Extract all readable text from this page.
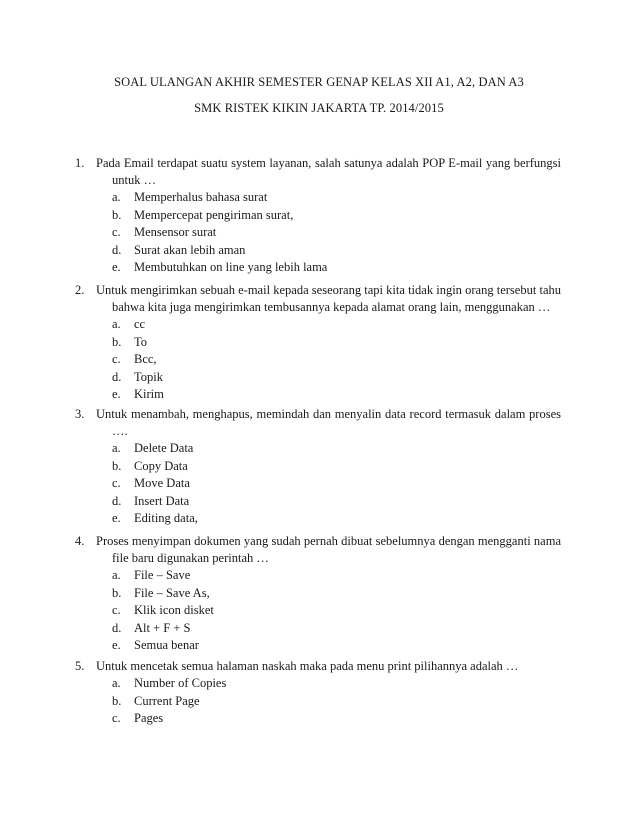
SOAL ULANGAN AKHIR SEMESTER GENAP KELAS XII A1, A2, DAN A3
SMK RISTEK KIKIN JAKARTA TP. 2014/2015
1. Pada Email terdapat suatu system layanan, salah satunya adalah POP E-mail yang berfungsi
untuk …
a. Memperhalus bahasa surat
b. Mempercepat pengiriman surat,
c. Mensensor surat
d. Surat akan lebih aman
e. Membutuhkan on line yang lebih lama
2. Untuk mengirimkan sebuah e-mail kepada seseorang tapi kita tidak ingin orang tersebut tahu
bahwa kita juga mengirimkan tembusannya kepada alamat orang lain, menggunakan …
a. cc
b. To
c. Bcc,
d. Topik
e. Kirim
3. Untuk menambah, menghapus, memindah dan menyalin data record termasuk dalam proses
….
a. Delete Data
b. Copy Data
c. Move Data
d. Insert Data
e. Editing data,
4. Proses menyimpan dokumen yang sudah pernah dibuat sebelumnya dengan mengganti nama
file baru digunakan perintah …
a. File – Save
b. File – Save As,
c. Klik icon disket
d. Alt + F + S
e. Semua benar
5. Untuk mencetak semua halaman naskah maka pada menu print pilihannya adalah …
a. Number of Copies
b. Current Page
c. Pages
